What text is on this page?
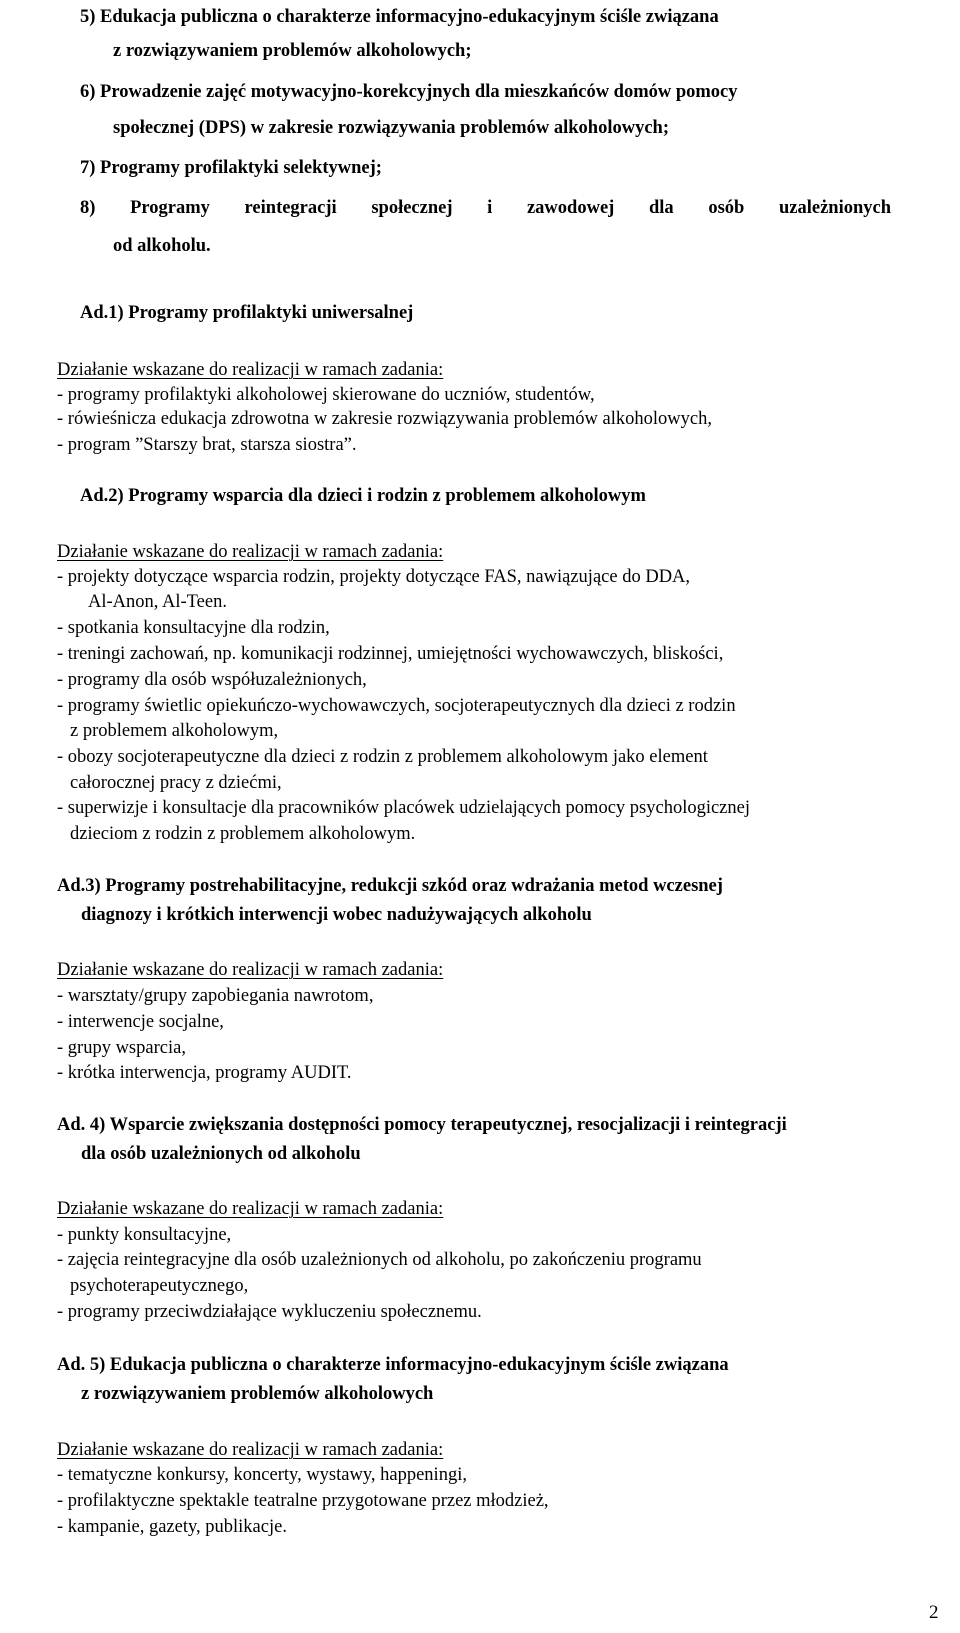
5) Edukacja publiczna o charakterze informacyjno-edukacyjnym ściśle związana
z rozwiązywaniem problemów alkoholowych;
6) Prowadzenie zajęć motywacyjno-korekcyjnych dla mieszkańców domów pomocy
społecznej (DPS) w zakresie rozwiązywania problemów alkoholowych;
7) Programy profilaktyki selektywnej;
8) Programy reintegracji społecznej i zawodowej dla osób uzależnionych
od alkoholu.
Ad.1) Programy profilaktyki uniwersalnej
Działanie wskazane do realizacji w ramach zadania:
- programy profilaktyki alkoholowej skierowane do uczniów, studentów,
- rówieśnicza edukacja zdrowotna w zakresie rozwiązywania problemów alkoholowych,
- program ”Starszy brat, starsza siostra”.
Ad.2) Programy wsparcia dla dzieci i rodzin z problemem alkoholowym
Działanie wskazane do realizacji w ramach zadania:
- projekty dotyczące wsparcia rodzin, projekty dotyczące FAS, nawiązujące do DDA,
Al-Anon, Al-Teen.
- spotkania konsultacyjne dla rodzin,
- treningi zachowań, np. komunikacji rodzinnej, umiejętności wychowawczych, bliskości,
- programy dla osób współuzależnionych,
- programy świetlic opiekuńczo-wychowawczych, socjoterapeutycznych dla dzieci z rodzin
z problemem alkoholowym,
- obozy socjoterapeutyczne dla dzieci z rodzin z problemem alkoholowym jako element
całorocznej pracy z dziećmi,
- superwizje i konsultacje dla pracowników placówek udzielających pomocy psychologicznej
dzieciom z rodzin z problemem alkoholowym.
Ad.3) Programy postrehabilitacyjne, redukcji szkód oraz wdrażania metod wczesnej
diagnozy i krótkich interwencji wobec nadużywających alkoholu
Działanie wskazane do realizacji w ramach zadania:
- warsztaty/grupy zapobiegania nawrotom,
- interwencje socjalne,
- grupy wsparcia,
- krótka interwencja, programy AUDIT.
Ad. 4) Wsparcie zwiększania dostępności pomocy terapeutycznej, resocjalizacji i reintegracji
dla osób uzależnionych od alkoholu
Działanie wskazane do realizacji w ramach zadania:
- punkty konsultacyjne,
- zajęcia reintegracyjne dla osób uzależnionych od alkoholu, po zakończeniu programu
psychoterapeutycznego,
- programy przeciwdziałające wykluczeniu społecznemu.
Ad. 5) Edukacja publiczna o charakterze informacyjno-edukacyjnym ściśle związana
z rozwiązywaniem problemów alkoholowych
Działanie wskazane do realizacji w ramach zadania:
- tematyczne konkursy, koncerty, wystawy, happeningi,
- profilaktyczne spektakle teatralne przygotowane przez młodzież,
- kampanie, gazety, publikacje.
2
